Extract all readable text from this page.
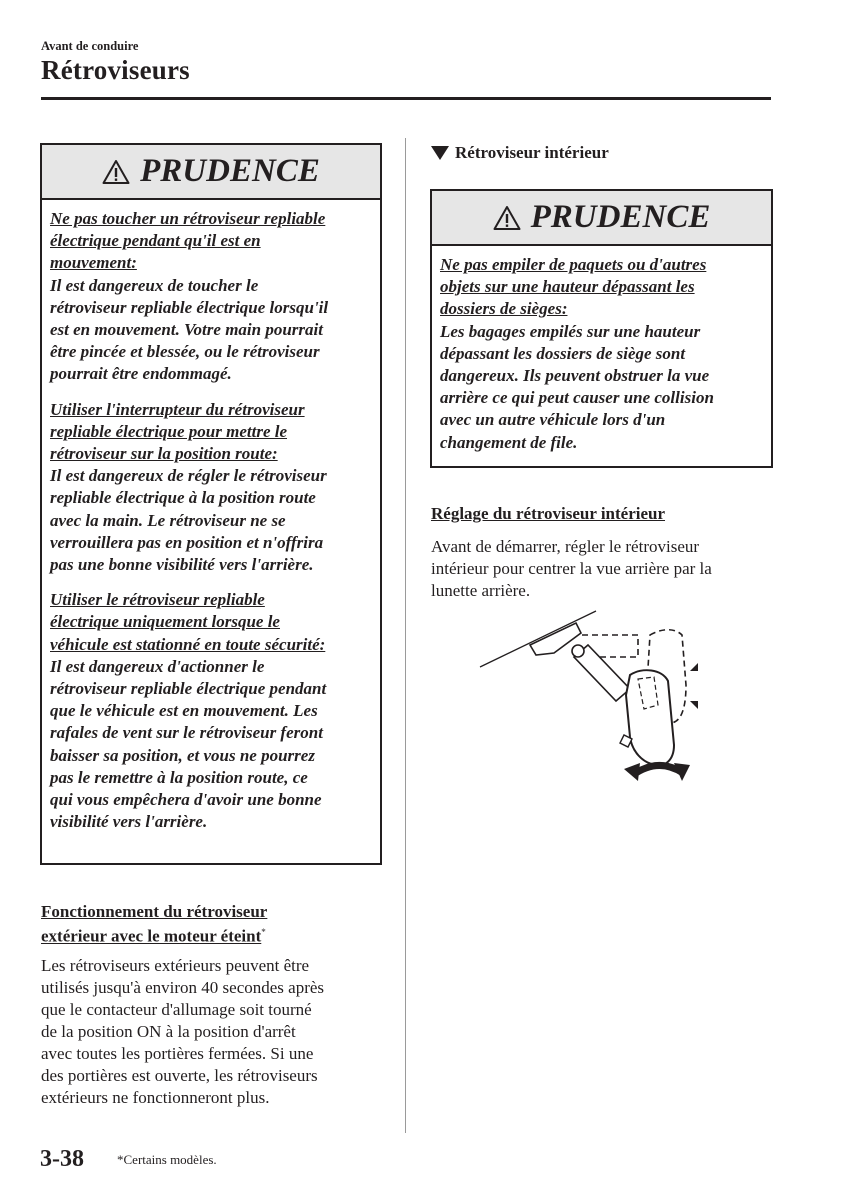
Avant de conduire
Rétroviseurs
PRUDENCE

Ne pas toucher un rétroviseur repliable
électrique pendant qu'il est en
mouvement:
Il est dangereux de toucher le
rétroviseur repliable électrique lorsqu'il
est en mouvement. Votre main pourrait
être pincée et blessée, ou le rétroviseur
pourrait être endommagé.

Utiliser l'interrupteur du rétroviseur
repliable électrique pour mettre le
rétroviseur sur la position route:
Il est dangereux de régler le rétroviseur
repliable électrique à la position route
avec la main. Le rétroviseur ne se
verrouillera pas en position et n'offrira
pas une bonne visibilité vers l'arrière.

Utiliser le rétroviseur repliable
électrique uniquement lorsque le
véhicule est stationné en toute sécurité:
Il est dangereux d'actionner le
rétroviseur repliable électrique pendant
que le véhicule est en mouvement. Les
rafales de vent sur le rétroviseur feront
baisser sa position, et vous ne pourrez
pas le remettre à la position route, ce
qui vous empêchera d'avoir une bonne
visibilité vers l'arrière.

Fonctionnement du rétroviseur
extérieur avec le moteur éteint*
Les rétroviseurs extérieurs peuvent être
utilisés jusqu'à environ 40 secondes après
que le contacteur d'allumage soit tourné
de la position ON à la position d'arrêt
avec toutes les portières fermées. Si une
des portières est ouverte, les rétroviseurs
extérieurs ne fonctionneront plus.
Rétroviseur intérieur
PRUDENCE

Ne pas empiler de paquets ou d'autres
objets sur une hauteur dépassant les
dossiers de sièges:
Les bagages empilés sur une hauteur
dépassant les dossiers de siège sont
dangereux. Ils peuvent obstruer la vue
arrière ce qui peut causer une collision
avec un autre véhicule lors d'un
changement de file.

Réglage du rétroviseur intérieur
Avant de démarrer, régler le rétroviseur
intérieur pour centrer la vue arrière par la
lunette arrière.
3-38	*Certains modèles.
